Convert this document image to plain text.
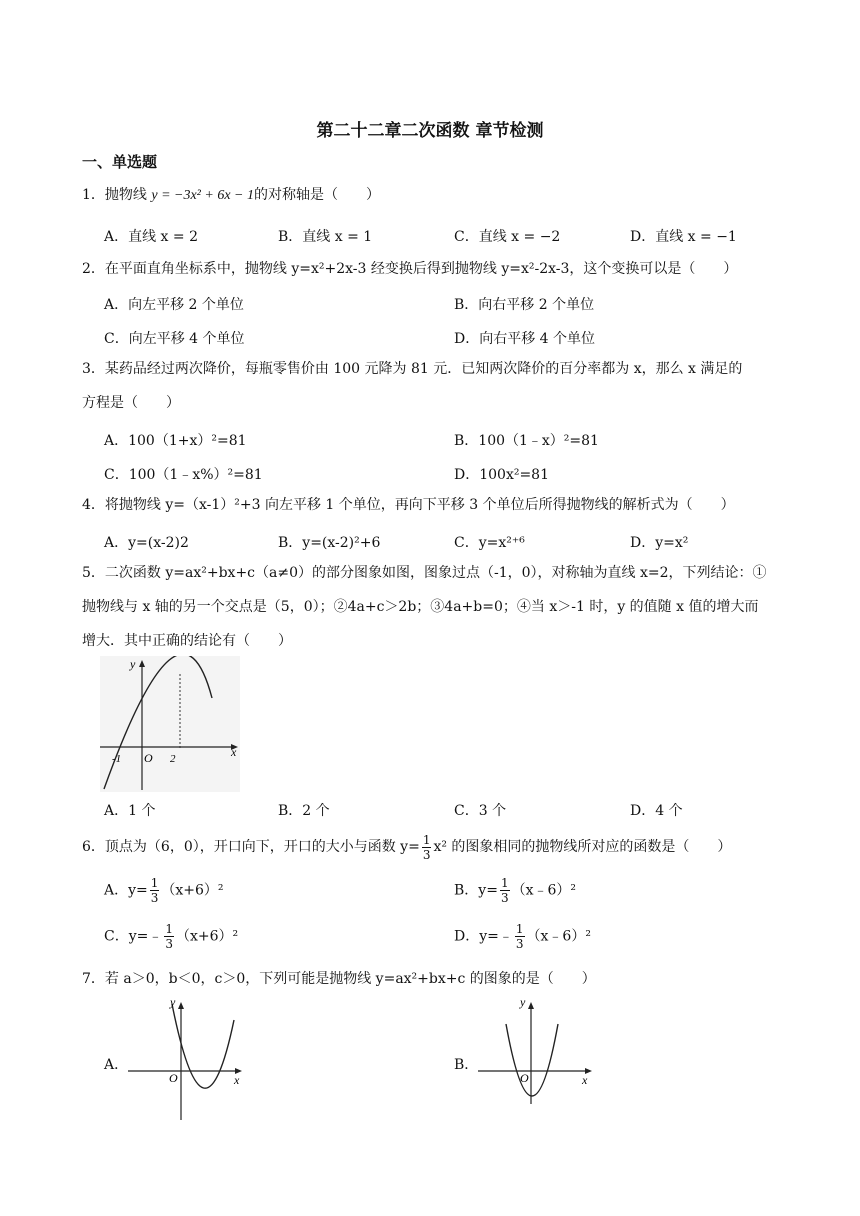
第二十二章二次函数 章节检测
一、单选题
1．抛物线 y = −3x² + 6x − 1的对称轴是（　　）
A．直线 x = 2	B．直线 x = 1	C．直线 x = −2	D．直线 x = −1
2．在平面直角坐标系中，抛物线 y=x²+2x-3 经变换后得到抛物线 y=x²-2x-3，这个变换可以是（　　）
A．向左平移 2 个单位	B．向右平移 2 个单位
C．向左平移 4 个单位	D．向右平移 4 个单位
3．某药品经过两次降价，每瓶零售价由 100 元降为 81 元．已知两次降价的百分率都为 x，那么 x 满足的
方程是（　　）
A．100（1+x）²=81	B．100（1﹣x）²=81
C．100（1﹣x%）²=81	D．100x²=81
4．将抛物线 y=（x-1）²+3 向左平移 1 个单位，再向下平移 3 个单位后所得抛物线的解析式为（　　）
A．y=(x-2)2	B．y=(x-2)²+6	C．y=x²⁺⁶	D．y=x²
5．二次函数 y=ax²+bx+c（a≠0）的部分图象如图，图象过点（-1，0），对称轴为直线 x=2，下列结论：①
抛物线与 x 轴的另一个交点是（5，0）；②4a+c＞2b；③4a+b=0；④当 x＞-1 时，y 的值随 x 值的增大而
增大．其中正确的结论有（　　）
y
x
O
-1	2
A．1 个	B．2 个	C．3 个	D．4 个
6．顶点为（6，0），开口向下，开口的大小与函数 $y= \frac{1}{3} x^2$ 的图象相同的抛物线所对应的函数是（　　）
A．$y= \frac{1}{3} (x+6)^2$	B．$y= \frac{1}{3}$ （x﹣6）²
C．y=﹣ $\frac{1}{3} (x+6)^2$	D．y=﹣ $\frac{1}{3}$ （x﹣6）²
7．若 a＞0，b＜0，c＞0，下列可能是抛物线 y=ax²+bx+c 的图象的是（　　）
A．
y
x
O
B．
y
x
O
